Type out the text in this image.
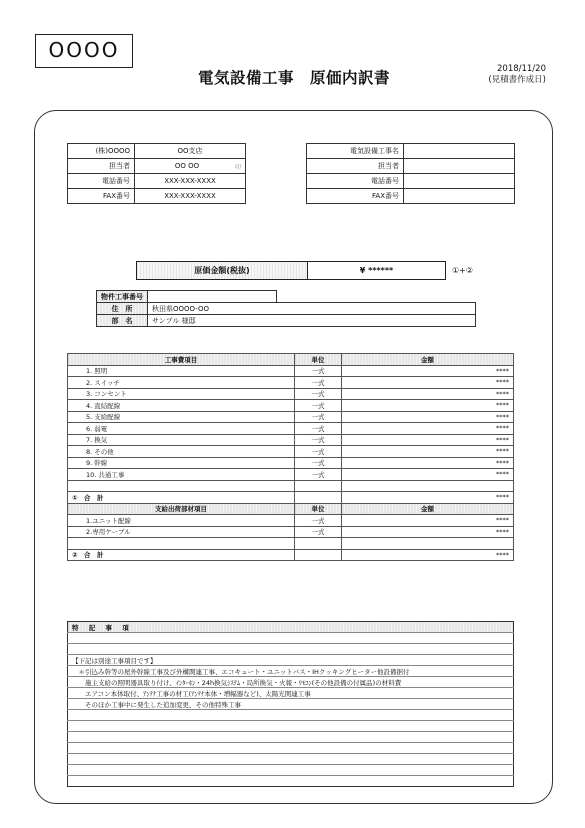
OOOO
電気設備工事　原価内訳書	2018/11/20
(見積書作成日)
(株)OOOO	OO支店
担当者	OO OO 印

電話番号	XXX-XXX-XXXX
FAX番号	XXX-XXX-XXXX
電気設備工事名	
担当者	
電話番号	
FAX番号	
原価金額(税抜)	¥ ******	①+②
物件工事番号		
住　所	秋田県OOOO-OO	
部　名	サンプル 様邸	
工事費項目	単位	金額
1. 照明	一式	****
2. スイッチ	一式	****
3. コンセント	一式	****
4. 直結配線	一式	****
5. 支給配線	一式	****
6. 弱電	一式	****
7. 換気	一式	****
8. その他	一式	****
9. 幹線	一式	****
10. 共通工事	一式	****

①　合　計		****
支給出荷部材項目	単位	金額
1.ユニット配線	一式	****
2.専用ケーブル	一式	****

②　合　計		****
特 記 事 項

【下記は別途工事項目です】
　＊引込み幹等の屋外幹線工事及び外構関連工事、エコキュート・ユニットバス・IHクッキングヒーター他設備据付
　　施主支給の照明器具取り付け、ｲﾝﾀｰﾎﾝ・24h換気ｼｽﾃﾑ・局所換気・火報・ﾘﾓｺﾝ(その他設備の付属品)の材料費
　　エアコン本体取付、ｱﾝﾃﾅ工事の材工(ｱﾝﾃﾅ本体・増幅器など)、太陽光関連工事
　　そのほか工事中に発生した追加変更、その他特殊工事
